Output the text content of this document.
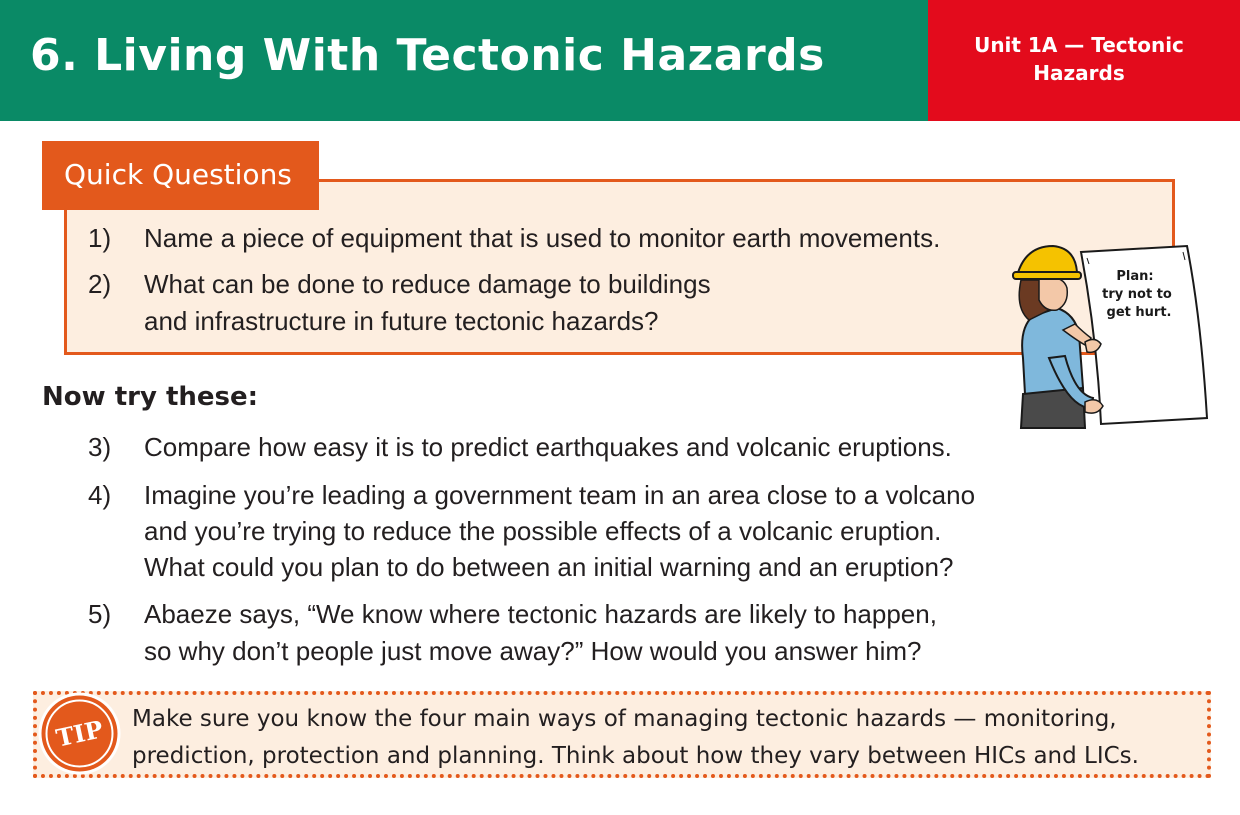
6. Living With Tectonic Hazards	Unit 1A — Tectonic
Hazards
Quick Questions
1) Name a piece of equipment that is used to monitor earth movements.
2) What can be done to reduce damage to buildings
and infrastructure in future tectonic hazards?
Now try these:
3) Compare how easy it is to predict earthquakes and volcanic eruptions.
4) Imagine you’re leading a government team in an area close to a volcano
and you’re trying to reduce the possible effects of a volcanic eruption.
What could you plan to do between an initial warning and an eruption?
5) Abaeze says, “We know where tectonic hazards are likely to happen,
so why don’t people just move away?” How would you answer him?
Plan:
try not to
get hurt.
TIP Make sure you know the four main ways of managing tectonic hazards — monitoring,
prediction, protection and planning. Think about how they vary between HICs and LICs.
